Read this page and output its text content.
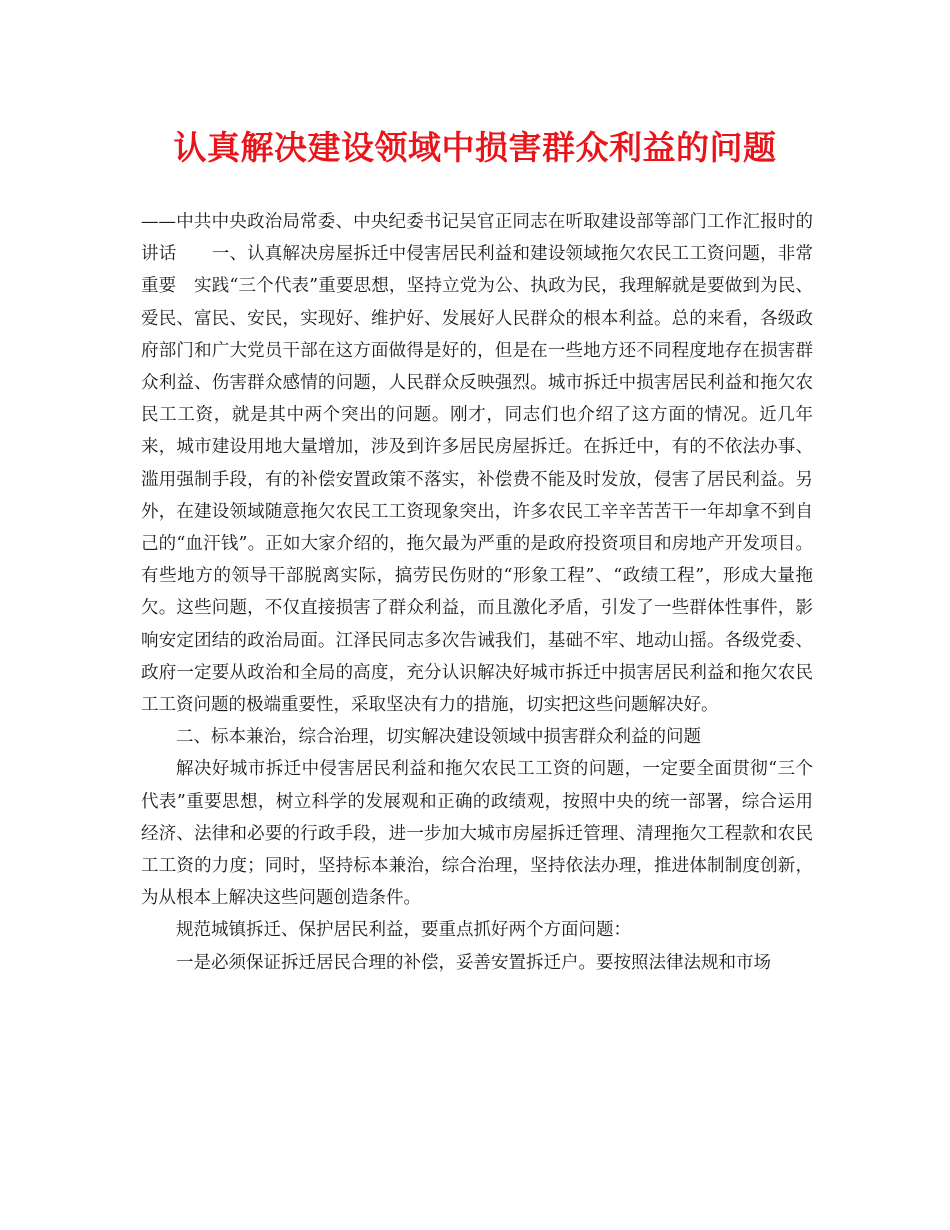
认真解决建设领域中损害群众利益的问题

——中共中央政治局常委、中央纪委书记吴官正同志在听取建设部等部门工作汇报时的讲话　　一、认真解决房屋拆迁中侵害居民利益和建设领域拖欠农民工工资问题，非常重要　实践“三个代表”重要思想，坚持立党为公、执政为民，我理解就是要做到为民、爱民、富民、安民，实现好、维护好、发展好人民群众的根本利益。总的来看，各级政府部门和广大党员干部在这方面做得是好的，但是在一些地方还不同程度地存在损害群众利益、伤害群众感情的问题，人民群众反映强烈。城市拆迁中损害居民利益和拖欠农民工工资，就是其中两个突出的问题。刚才，同志们也介绍了这方面的情况。近几年来，城市建设用地大量增加，涉及到许多居民房屋拆迁。在拆迁中，有的不依法办事、滥用强制手段，有的补偿安置政策不落实，补偿费不能及时发放，侵害了居民利益。另外，在建设领域随意拖欠农民工工资现象突出，许多农民工辛辛苦苦干一年却拿不到自己的“血汗钱”。正如大家介绍的，拖欠最为严重的是政府投资项目和房地产开发项目。有些地方的领导干部脱离实际，搞劳民伤财的“形象工程”、“政绩工程”，形成大量拖欠。这些问题，不仅直接损害了群众利益，而且激化矛盾，引发了一些群体性事件，影响安定团结的政治局面。江泽民同志多次告诫我们，基础不牢、地动山摇。各级党委、政府一定要从政治和全局的高度，充分认识解决好城市拆迁中损害居民利益和拖欠农民工工资问题的极端重要性，采取坚决有力的措施，切实把这些问题解决好。

二、标本兼治，综合治理，切实解决建设领域中损害群众利益的问题

解决好城市拆迁中侵害居民利益和拖欠农民工工资的问题，一定要全面贯彻“三个代表”重要思想，树立科学的发展观和正确的政绩观，按照中央的统一部署，综合运用经济、法律和必要的行政手段，进一步加大城市房屋拆迁管理、清理拖欠工程款和农民工工资的力度；同时，坚持标本兼治，综合治理，坚持依法办理，推进体制制度创新，为从根本上解决这些问题创造条件。

规范城镇拆迁、保护居民利益，要重点抓好两个方面问题：

一是必须保证拆迁居民合理的补偿，妥善安置拆迁户。要按照法律法规和市场
